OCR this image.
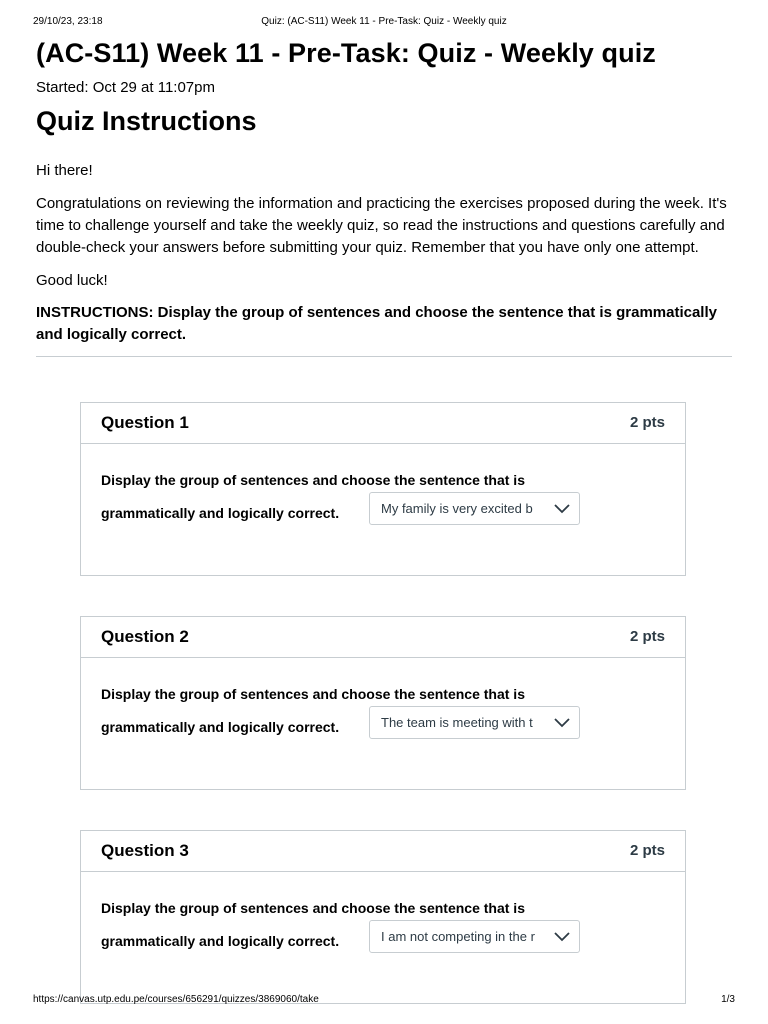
29/10/23, 23:18	Quiz: (AC-S11) Week 11 - Pre-Task: Quiz - Weekly quiz
(AC-S11) Week 11 - Pre-Task: Quiz - Weekly quiz
Started: Oct 29 at 11:07pm
Quiz Instructions
Hi there!
Congratulations on reviewing the information and practicing the exercises proposed during the week. It's time to challenge yourself and take the weekly quiz, so read the instructions and questions carefully and double-check your answers before submitting your quiz. Remember that you have only one attempt.
Good luck!
INSTRUCTIONS: Display the group of sentences and choose the sentence that is grammatically and logically correct.
Question 1	2 pts
Display the group of sentences and choose the sentence that is
grammatically and logically correct.	My family is very excited b
Question 2	2 pts
Display the group of sentences and choose the sentence that is
grammatically and logically correct.	The team is meeting with t
Question 3	2 pts
Display the group of sentences and choose the sentence that is
grammatically and logically correct.	I am not competing in the r
https://canvas.utp.edu.pe/courses/656291/quizzes/3869060/take	1/3
